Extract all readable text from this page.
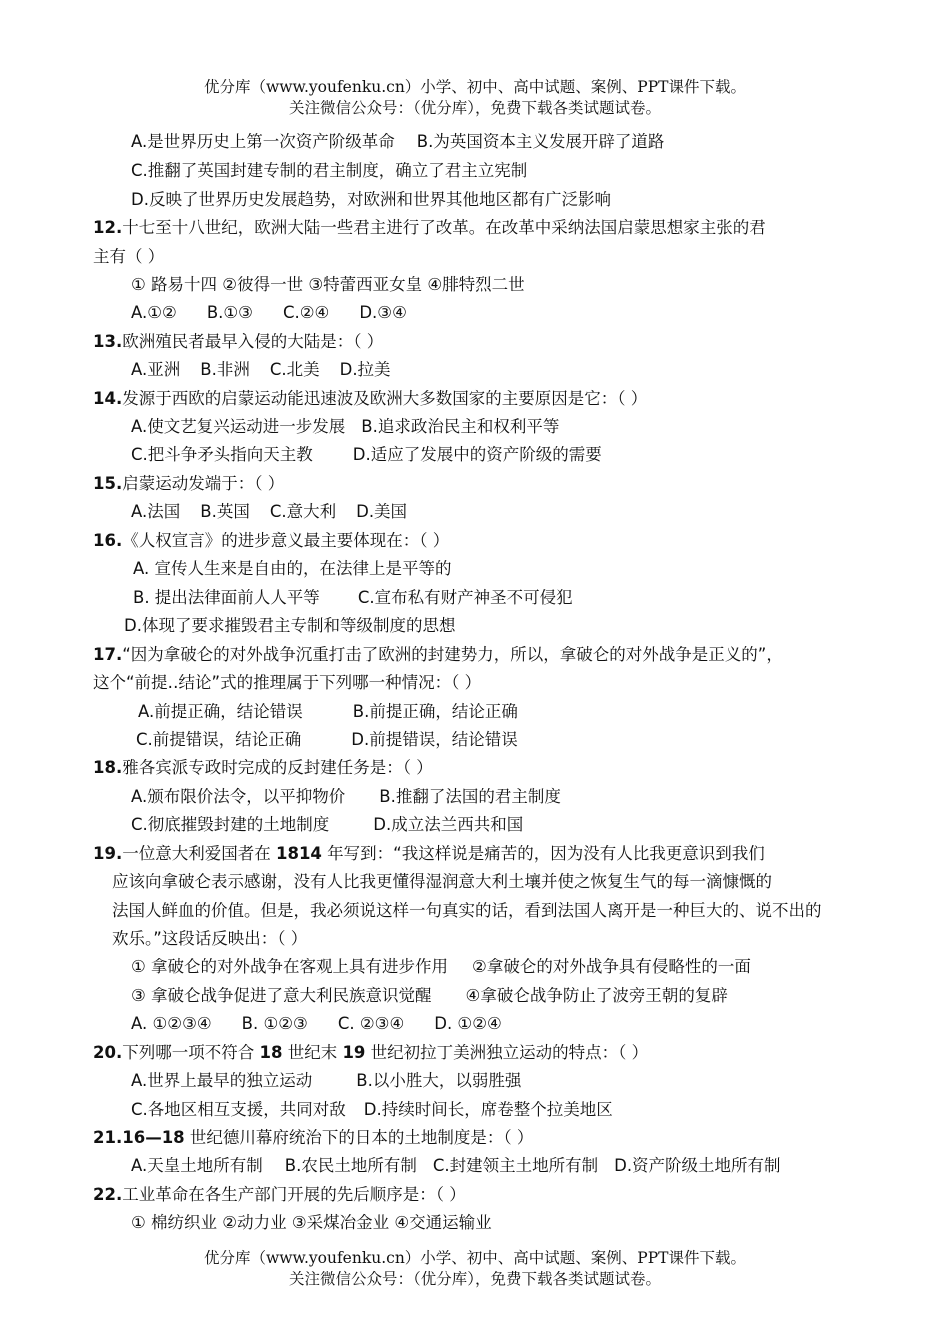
优分库（www.youfenku.cn）小学、初中、高中试题、案例、PPT课件下载。
关注微信公众号：（优分库），免费下载各类试题试卷。
A.是世界历史上第一次资产阶级革命 B.为英国资本主义发展开辟了道路
C.推翻了英国封建专制的君主制度，确立了君主立宪制
D.反映了世界历史发展趋势，对欧洲和世界其他地区都有广泛影响
12.十七至十八世纪，欧洲大陆一些君主进行了改革。在改革中采纳法国启蒙思想家主张的君
主有（ ）
① 路易十四 ②彼得一世 ③特蕾西亚女皇 ④腓特烈二世
A.①② B.①③ C.②④ D.③④
13.欧洲殖民者最早入侵的大陆是：（ ）
A.亚洲 B.非洲 C.北美 D.拉美
14.发源于西欧的启蒙运动能迅速波及欧洲大多数国家的主要原因是它：（ ）
A.使文艺复兴运动进一步发展 B.追求政治民主和权利平等
C.把斗争矛头指向天主教 D.适应了发展中的资产阶级的需要
15.启蒙运动发端于：（ ）
A.法国 B.英国 C.意大利 D.美国
16.《人权宣言》的进步意义最主要体现在：（ ）
A. 宣传人生来是自由的，在法律上是平等的
B. 提出法律面前人人平等 C.宣布私有财产神圣不可侵犯
D.体现了要求摧毁君主专制和等级制度的思想
17.“因为拿破仑的对外战争沉重打击了欧洲的封建势力，所以，拿破仑的对外战争是正义的”，
这个“前提‥结论”式的推理属于下列哪一种情况：（ ）
A.前提正确，结论错误	B.前提正确，结论正确
C.前提错误，结论正确	D.前提错误，结论错误
18.雅各宾派专政时完成的反封建任务是：（ ）
A.颁布限价法令，以平抑物价 B.推翻了法国的君主制度
C.彻底摧毁封建的土地制度	D.成立法兰西共和国
19.一位意大利爱国者在 1814 年写到：“我这样说是痛苦的，因为没有人比我更意识到我们
应该向拿破仑表示感谢，没有人比我更懂得湿润意大利土壤并使之恢复生气的每一滴慷慨的
法国人鲜血的价值。但是，我必须说这样一句真实的话，看到法国人离开是一种巨大的、说不出的
欢乐。”这段话反映出：（ ）
① 拿破仑的对外战争在客观上具有进步作用 ②拿破仑的对外战争具有侵略性的一面
③ 拿破仑战争促进了意大利民族意识觉醒 ④拿破仑战争防止了波旁王朝的复辟
A. ①②③④ B. ①②③ C. ②③④ D. ①②④
20.下列哪一项不符合 18 世纪末 19 世纪初拉丁美洲独立运动的特点：（ ）
A.世界上最早的独立运动	B.以小胜大，以弱胜强
C.各地区相互支援，共同对敌 D.持续时间长，席卷整个拉美地区
21.16—18 世纪德川幕府统治下的日本的土地制度是：（ ）
A.天皇土地所有制 B.农民土地所有制 C.封建领主土地所有制 D.资产阶级土地所有制
22.工业革命在各生产部门开展的先后顺序是：（ ）
① 棉纺织业 ②动力业 ③采煤冶金业 ④交通运输业
优分库（www.youfenku.cn）小学、初中、高中试题、案例、PPT课件下载。
关注微信公众号：（优分库），免费下载各类试题试卷。
